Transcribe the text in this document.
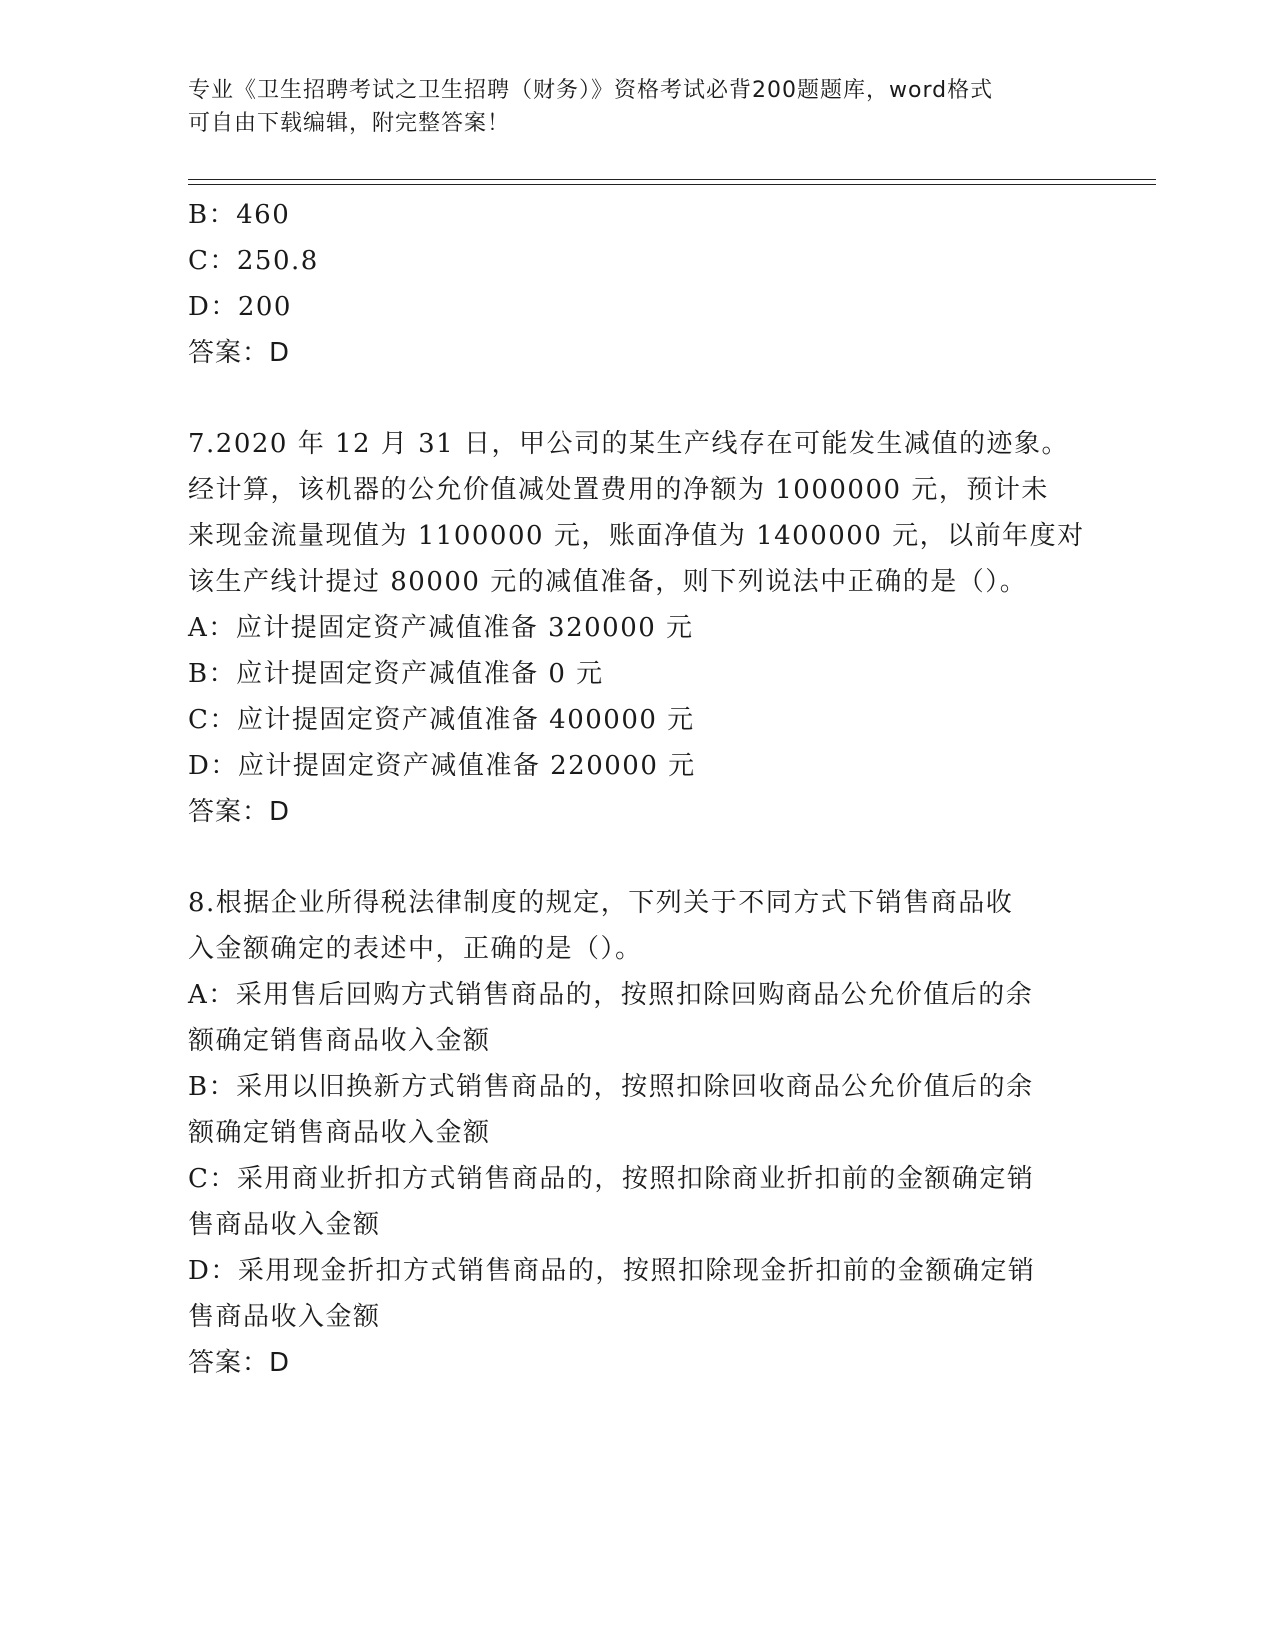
专业《卫生招聘考试之卫生招聘（财务）》资格考试必背200题题库，word格式
可自由下载编辑，附完整答案！
B：460
C：250.8
D：200
答案：D
7.2020 年 12 月 31 日，甲公司的某生产线存在可能发生减值的迹象。
经计算，该机器的公允价值减处置费用的净额为 1000000 元，预计未
来现金流量现值为 1100000 元，账面净值为 1400000 元，以前年度对
该生产线计提过 80000 元的减值准备，则下列说法中正确的是（）。
A：应计提固定资产减值准备 320000 元
B：应计提固定资产减值准备 0 元
C：应计提固定资产减值准备 400000 元
D：应计提固定资产减值准备 220000 元
答案：D
8.根据企业所得税法律制度的规定，下列关于不同方式下销售商品收
入金额确定的表述中，正确的是（）。
A：采用售后回购方式销售商品的，按照扣除回购商品公允价值后的余
额确定销售商品收入金额
B：采用以旧换新方式销售商品的，按照扣除回收商品公允价值后的余
额确定销售商品收入金额
C：采用商业折扣方式销售商品的，按照扣除商业折扣前的金额确定销
售商品收入金额
D：采用现金折扣方式销售商品的，按照扣除现金折扣前的金额确定销
售商品收入金额
答案：D
